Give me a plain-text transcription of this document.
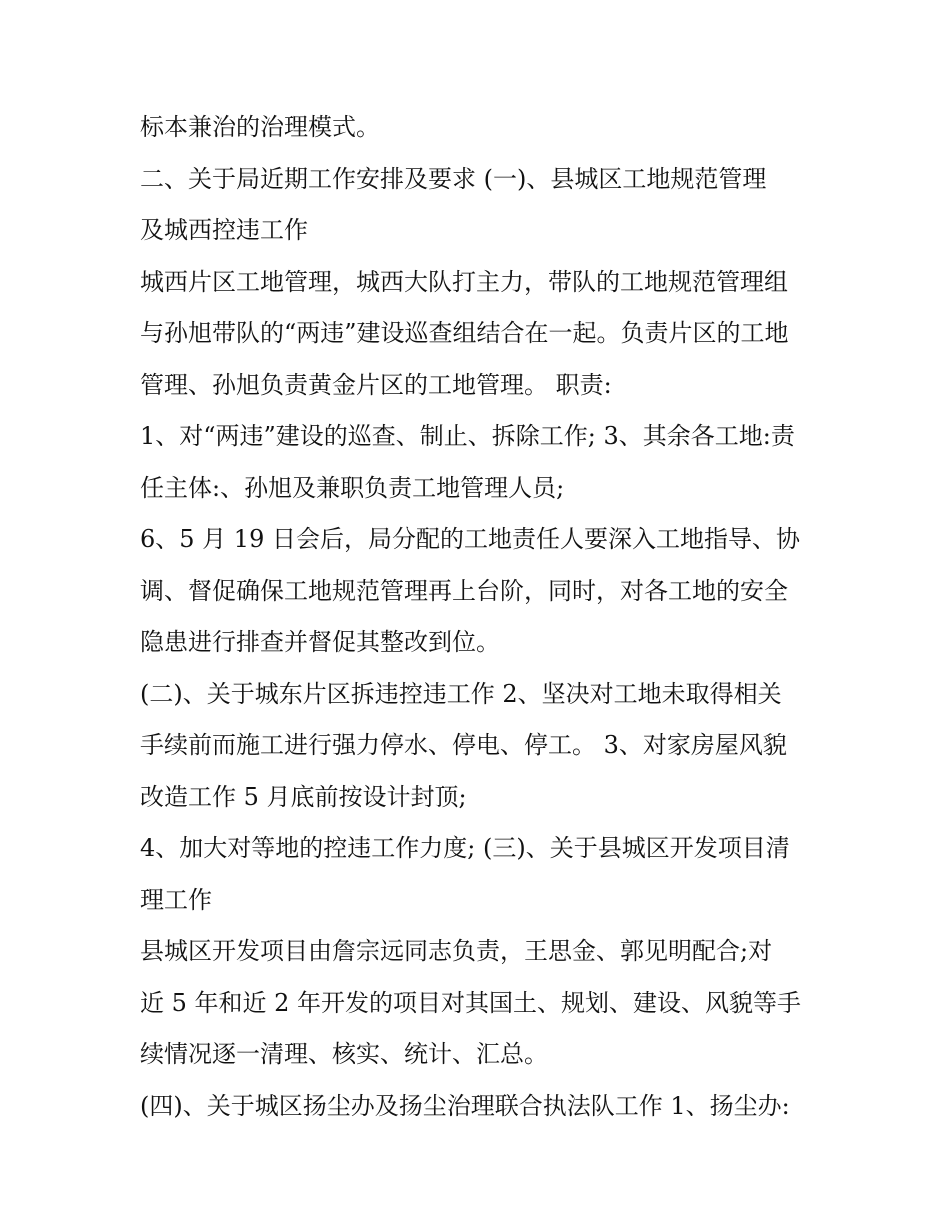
标本兼治的治理模式。
二、关于局近期工作安排及要求 (一)、县城区工地规范管理
及城西控违工作
城西片区工地管理，城西大队打主力，带队的工地规范管理组
与孙旭带队的“两违”建设巡查组结合在一起。负责片区的工地
管理、孙旭负责黄金片区的工地管理。 职责:
1、对“两违”建设的巡查、制止、拆除工作; 3、其余各工地:责
任主体:、孙旭及兼职负责工地管理人员;
6、5 月 19 日会后，局分配的工地责任人要深入工地指导、协
调、督促确保工地规范管理再上台阶，同时，对各工地的安全
隐患进行排查并督促其整改到位。
(二)、关于城东片区拆违控违工作 2、坚决对工地未取得相关
手续前而施工进行强力停水、停电、停工。 3、对家房屋风貌
改造工作 5 月底前按设计封顶;
4、加大对等地的控违工作力度; (三)、关于县城区开发项目清
理工作
县城区开发项目由詹宗远同志负责，王思金、郭见明配合;对
近 5 年和近 2 年开发的项目对其国土、规划、建设、风貌等手
续情况逐一清理、核实、统计、汇总。
(四)、关于城区扬尘办及扬尘治理联合执法队工作 1、扬尘办:
